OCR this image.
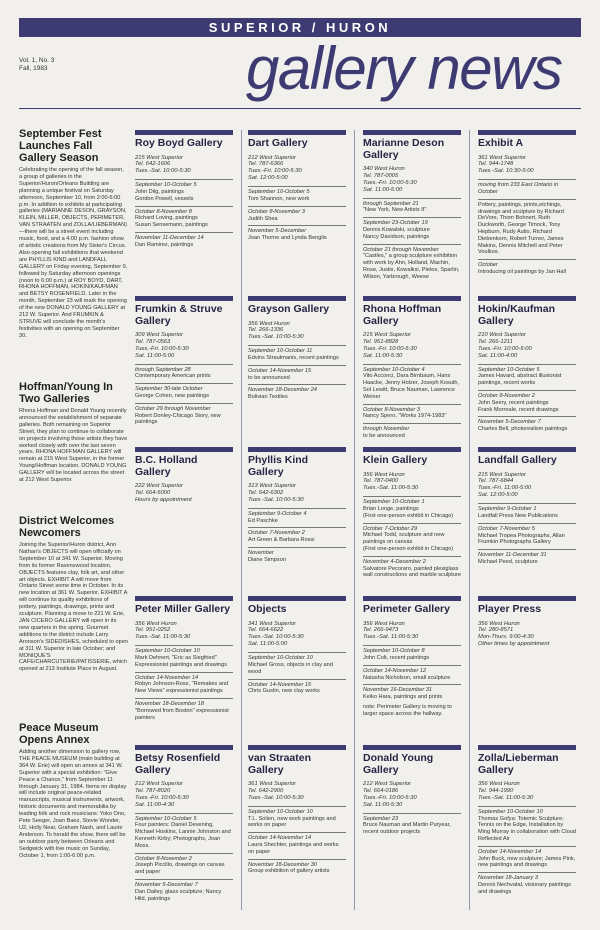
SUPERIOR / HURON
Vol. 1, No. 3
Fall, 1983	gallery news
September Fest Launches Fall Gallery Season

Celebrating the opening of the fall season, a group of galleries in the Superior/Huron/Orleans Building are planning a unique festival on Saturday afternoon, September 10, from 2:00-6:00 p.m. In addition to exhibits at participating galleries (MARIANNE DESON, GRAYSON, KLEIN, MILLER, OBJECTS, PERIMETER, VAN STRAATEN and ZOLLA/LIEBERMAN)—there will be a street event including music, food, and a 4:00 p.m. fashion show of artistic creations from My Sister's Circus. Also opening fall exhibitions that weekend are PHYLLIS KIND and LANDFALL GALLERY on Friday evening, September 9, followed by Saturday afternoon openings (noon to 6:00 p.m.) at ROY BOYD, DART, RHONA HOFFMAN, HOKIN/KAUFMAN and BETSY ROSENFIELD. Later in the month, September 23 will mark the opening of the new DONALD YOUNG GALLERY at 212 W. Superior. And FRUMKIN & STRUVE will conclude the month's festivities with an opening on September 30.

Hoffman/Young In Two Galleries

Rhona Hoffman and Donald Young recently announced the establishment of separate galleries. Both remaining on Superior Street, they plan to continue to collaborate on projects involving those artists they have worked closely with over the last seven years. RHONA HOFFMAN GALLERY will remain at 215 West Superior, in the former Young/Hoffman location. DONALD YOUNG GALLERY will be located across the street at 212 West Superior.

District Welcomes Newcomers

Joining the Superior/Huron district, Ann Nathan's OBJECTS will open officially on September 10 at 341 W. Superior. Moving from its former Ravenswood location, OBJECTS features clay, folk art, and other art objects. EXHIBIT A will move from Ontario Street some time in October. In its new location at 361 W. Superior, EXHIBIT A will continue its quality exhibitions of pottery, paintings, drawings, prints and sculpture. Planning a move to 221 W. Erie, JAN CICERO GALLERY will open in its new quarters in the spring. Gourmet additions to the district include Larry Aronson's SIDEDISHES, scheduled to open at 311 W. Superior in late October; and MONIQUE'S CAFE/CHARCUTERIE/PATISSERIE, which opened at 213 Institute Place in August.

Peace Museum Opens Annex

Adding another dimension to gallery row, THE PEACE MUSEUM (main building at 364 W. Erie) will open an annex at 341 W. Superior with a special exhibition: "Give Peace a Chance," from September 11 through January 31, 1984. Items on display will include original peace-related manuscripts, musical instruments, artwork, historic documents and memorabilia by leading folk and rock musicians: Yoko Ono, Pete Seeger, Joan Baez, Stevie Wonder, U2, Holly Near, Graham Nash, and Laurie Anderson. To herald the show, there will be an outdoor party between Orleans and Sedgwick with live music on Sunday, October 1, from 1:00-6:00 p.m.

Roy Boyd Gallery
215 West Superior
Tel. 642-1606
Tues.-Sat. 10:00-5:30
September 10-October 5
John Dilg, paintings
Gordon Powell, vessels
October 8-November 8
Richard Loving, paintings
Susan Sensemann, paintings
November 11-December 14
Dan Ramirez, paintings
Dart Gallery
212 West Superior
Tel. 787-6366
Tues.-Fri. 10:00-5:30
Sat. 12:00-5:00
September 10-October 5
Tom Shannon, new work
October 8-November 3
Judith Shea
November 5-December
Joan Thorne and Lynda Benglis
Marianne Deson Gallery
340 West Huron
Tel. 787-0005
Tues.-Fri. 10:00-5:30
Sat. 11:00-5:00
through September 21
"New York, New Artists II"
September 23-October 19
Dennis Kowalski, sculpture
Nancy Davidson, paintings
October 21 through November
"Castles," a group sculpture exhibition with work by Ahn, Holland, Machin, Rose, Justis, Kowalksi, Pletos, Sparlin, Wilson, Yarbrough, Weese
Exhibit A
361 West Superior
Tel. 944-1748
Tues.-Sat. 10:30-5:00
moving from 233 East Ontario in October
Pottery, paintings, prints,etchings, drawings and sculpture by Richard DeVore, Thom Bohnert, Ruth Duckworth, George Timock, Tony Hepburn, Rudy Autio, Richard Diebenkorn, Robert Turner, James Makins, Dennis Mitchell and Peter Voulkos.
October
Introducing oil paintings by Jan Hall
Frumkin & Struve Gallery
309 West Superior
Tel. 787-0563
Tues.-Fri. 10:00-5:30
Sat. 11:00-5:00
through September 28
Contemporary American prints
September 30-late October
George Cohen, new paintings
October 29 through November
Robert Donley-Chicago Story, new paintings
Grayson Gallery
356 West Huron
Tel. 266-1336
Tues.-Sat. 10:00-5:30
September 10-October 11
Edvins Strautmanis, recent paintings
October 14-November 15
to be announced
November 18-December 24
Bolivian Textiles
Rhona Hoffman Gallery
215 West Superior
Tel. 951-8828
Tues.-Fri. 10:00-5:30
Sat. 11:00-5:30
September 10-October 4
Vito Acconci, Dara Birnbaum, Hans Haacke, Jenny Holzer, Joseph Kosuth, Sol Lewitt, Bruce Nauman, Lawrence Weiner
October 8-November 3
Nancy Spero, "Works 1974-1983"
through November
to be announced
Hokin/Kaufman Gallery
210 West Superior
Tel. 266-1211
Tues.-Fri. 10:00-5:00
Sat. 11:00-4:00
September 10-October 5
James Havard, abstract illusionist paintings, recent works
October 8-November 2
John Seery, recent paintings
Frank Morreale, recent drawings
November 5-December 7
Charles Bell, photorealism paintings
B.C. Holland Gallery
222 West Superior
Tel. 664-5000
Hours by appointment
Phyllis Kind Gallery
313 West Superior
Tel. 642-6302
Tues.-Sat. 10:00-5:30
September 9-October 4
Ed Paschke
October 7-November 2
Art Green & Barbara Rossi
November
Diane Simpson
Klein Gallery
356 West Huron
Tel. 787-0400
Tues.-Sat. 11:00-5:30
September 10-October 1
Brian Longe, paintings
(First one-person exhibit in Chicago)
October 7-October 29
Michael Todd, sculpture and new paintings on canvas
(First one-person exhibit in Chicago)
November 4-December 2
Salvatore Pecoraro, painted plexiglass wall constructions and marble sculpture
Landfall Gallery
215 West Superior
Tel. 787-6844
Tues.-Fri. 11:00-5:00
Sat. 12:00-5:00
September 9-October 1
Landfall Press New Publications
October 7-November 5
Michael Tropea Photographs, Allan Frumkin Photographs Gallery
November 11-December 31
Michael Peed, sculpture
Peter Miller Gallery
356 West Huron
Tel. 951-0252
Tues.-Sat. 11:00-5:30
September 10-October 10
Mark Dehnert, "Eric as Siegfried" Expressionist paintings and drawings
October 14-November 14
Robyn Johnson-Ross, "Remakes and New Views" expressionist paintings
November 18-December 18
"Borrowed from Boston" expressionist painters
Objects
341 West Superior
Tel. 664-6622
Tues.-Sat. 10:00-5:30
Sat. 11:00-5:00
September 10-October 10
Michael Gross, objects in clay and wood
October 14-November 15
Chris Gustin, new clay works
Perimeter Gallery
356 West Huron
Tel. 266-9473
Tues.-Sat. 11:00-5:30
September 10-October 8
John Colt, recent paintings
October 14-November 12
Natasha Nicholson, small sculpture
November 16-December 31
Keiko Hara, paintings and prints
note: Perimeter Gallery is moving to larger space across the hallway.
Player Press
356 West Huron
Tel. 280-8571
Mon-Thurs. 9:00-4:30
Other times by appointment
Betsy Rosenfield Gallery
212 West Superior
Tel. 787-8020
Tues.-Fri. 10:00-5:30
Sat. 11:00-4:30
September 10-October 5
Four painters: Daniel Devening, Michael Hoskins, Lannie Johnston and Kenneth Kirby; Photographs, Joan Moss.
October 8-November 2
Joseph Piccillo, drawings on canvas and paper
November 5-December 7
Dan Dailey, glass sculpture; Nancy Hild, paintings
van Straaten Gallery
361 West Superior
Tel. 642-2900
Tues.-Sat. 10:00-5:30
September 10-October 10
T.L. Solien, new work paintings and works on paper
October 14-November 14
Laura Shechter, paintings and works on paper
November 18-December 30
Group exhibition of gallery artists
Donald Young Gallery
212 West Superior
Tel. 664-0186
Tues.-Fri. 10:00-5:30
Sat. 11:00-5:30
September 23
Bruce Nauman and Martin Puryear, recent outdoor projects
Zolla/Lieberman Gallery
356 West Huron
Tel. 944-1990
Tues.-Sat. 11:00-5:30
September 10-October 10
Thomas Gofya: Totemic Sculpture; Tennis on the Edge, Installation by Ming Murray in collaboration with Cloud Reflected Air
October 14-November 14
John Buck, new sculpture; James Pink, new paintings and drawings
November 18-January 3
Dennis Nechvatal, visionary paintings and drawings
